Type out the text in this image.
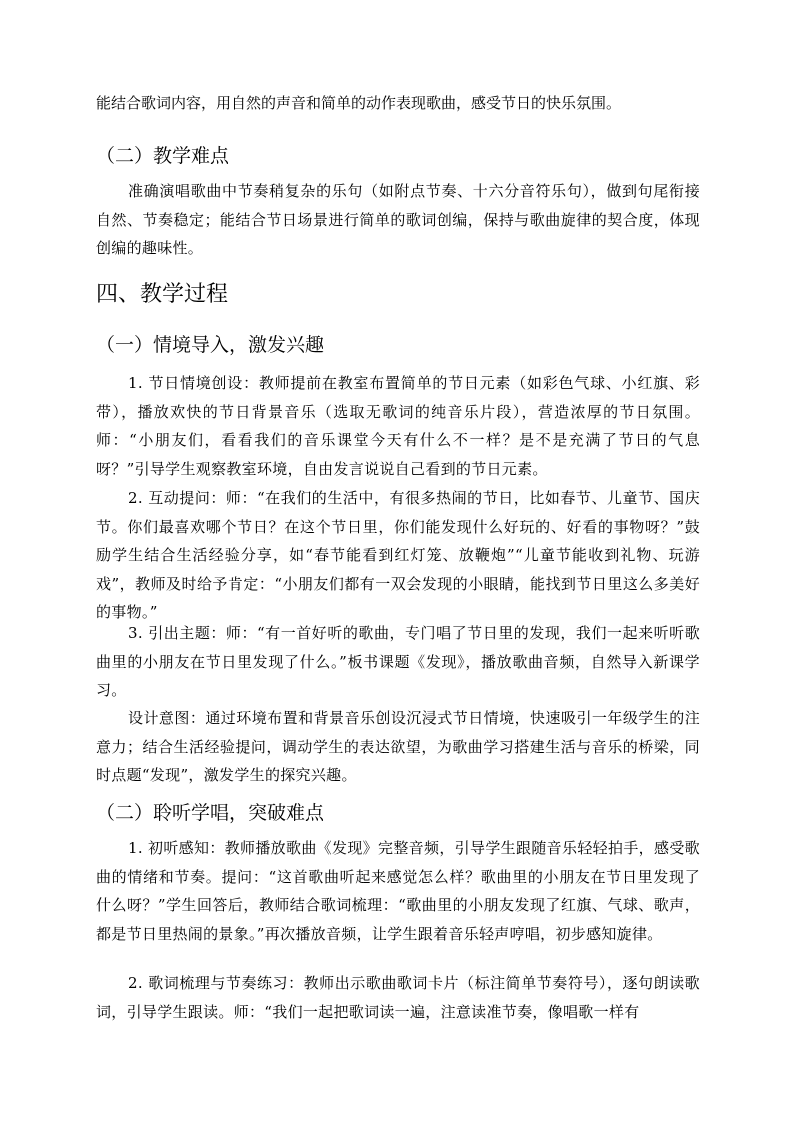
能结合歌词内容，用自然的声音和简单的动作表现歌曲，感受节日的快乐氛围。
（二）教学难点
准确演唱歌曲中节奏稍复杂的乐句（如附点节奏、十六分音符乐句），做到句尾衔接自然、节奏稳定；能结合节日场景进行简单的歌词创编，保持与歌曲旋律的契合度，体现创编的趣味性。
四、教学过程
（一）情境导入，激发兴趣
1. 节日情境创设：教师提前在教室布置简单的节日元素（如彩色气球、小红旗、彩带），播放欢快的节日背景音乐（选取无歌词的纯音乐片段），营造浓厚的节日氛围。师：“小朋友们，看看我们的音乐课堂今天有什么不一样？是不是充满了节日的气息呀？”引导学生观察教室环境，自由发言说说自己看到的节日元素。
2. 互动提问：师：“在我们的生活中，有很多热闹的节日，比如春节、儿童节、国庆节。你们最喜欢哪个节日？在这个节日里，你们能发现什么好玩的、好看的事物呀？”鼓励学生结合生活经验分享，如“春节能看到红灯笼、放鞭炮”“儿童节能收到礼物、玩游戏”，教师及时给予肯定：“小朋友们都有一双会发现的小眼睛，能找到节日里这么多美好的事物。”
3. 引出主题：师：“有一首好听的歌曲，专门唱了节日里的发现，我们一起来听听歌曲里的小朋友在节日里发现了什么。”板书课题《发现》，播放歌曲音频，自然导入新课学习。
设计意图：通过环境布置和背景音乐创设沉浸式节日情境，快速吸引一年级学生的注意力；结合生活经验提问，调动学生的表达欲望，为歌曲学习搭建生活与音乐的桥梁，同时点题“发现”，激发学生的探究兴趣。
（二）聆听学唱，突破难点
1. 初听感知：教师播放歌曲《发现》完整音频，引导学生跟随音乐轻轻拍手，感受歌曲的情绪和节奏。提问：“这首歌曲听起来感觉怎么样？歌曲里的小朋友在节日里发现了什么呀？”学生回答后，教师结合歌词梳理：“歌曲里的小朋友发现了红旗、气球、歌声，都是节日里热闹的景象。”再次播放音频，让学生跟着音乐轻声哼唱，初步感知旋律。
2. 歌词梳理与节奏练习：教师出示歌曲歌词卡片（标注简单节奏符号），逐句朗读歌词，引导学生跟读。师：“我们一起把歌词读一遍，注意读准节奏，像唱歌一样有
